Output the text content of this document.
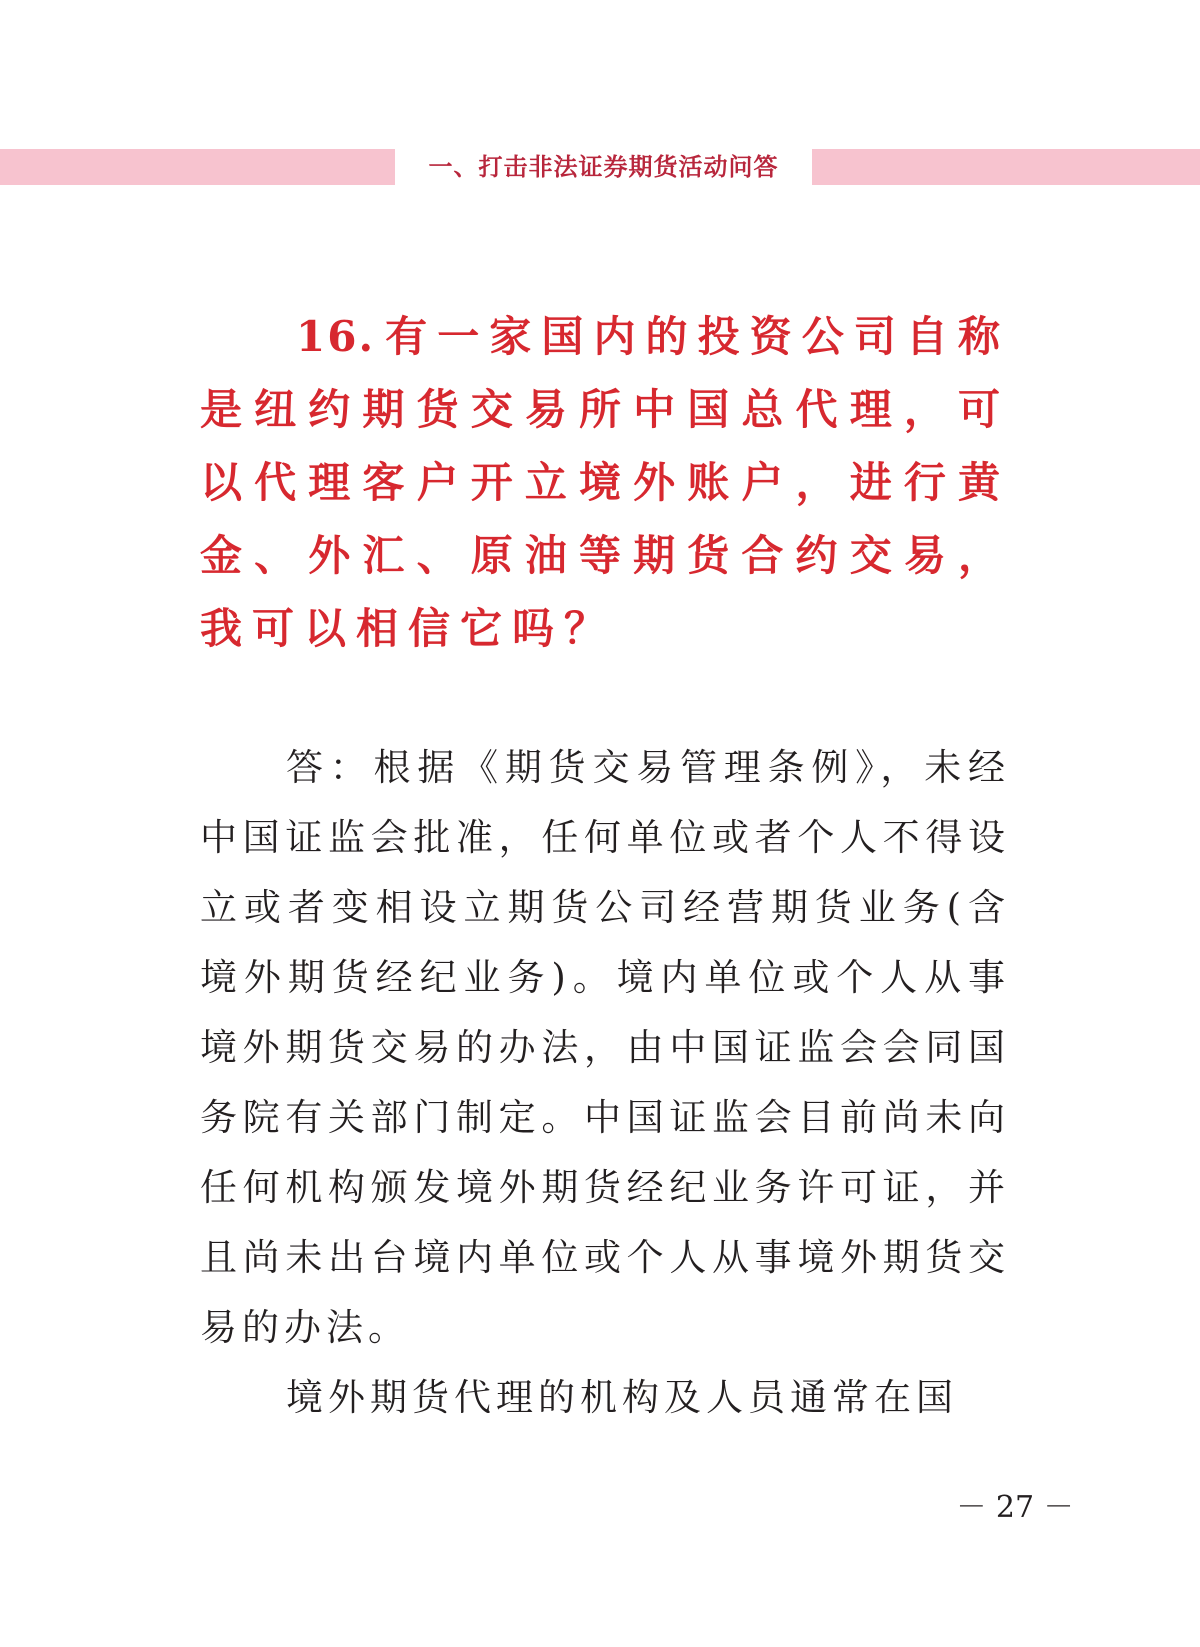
一、打击非法证券期货活动问答
16. 有一家国内的投资公司自称是纽约期货交易所中国总代理，可以代理客户开立境外账户，进行黄金、外汇、原油等期货合约交易，我可以相信它吗？

答：根据《期货交易管理条例》，未经中国证监会批准，任何单位或者个人不得设立或者变相设立期货公司经营期货业务(含境外期货经纪业务)。境内单位或个人从事境外期货交易的办法，由中国证监会会同国务院有关部门制定。中国证监会目前尚未向任何机构颁发境外期货经纪业务许可证，并且尚未出台境内单位或个人从事境外期货交易的办法。

境外期货代理的机构及人员通常在国

－ 27 －
